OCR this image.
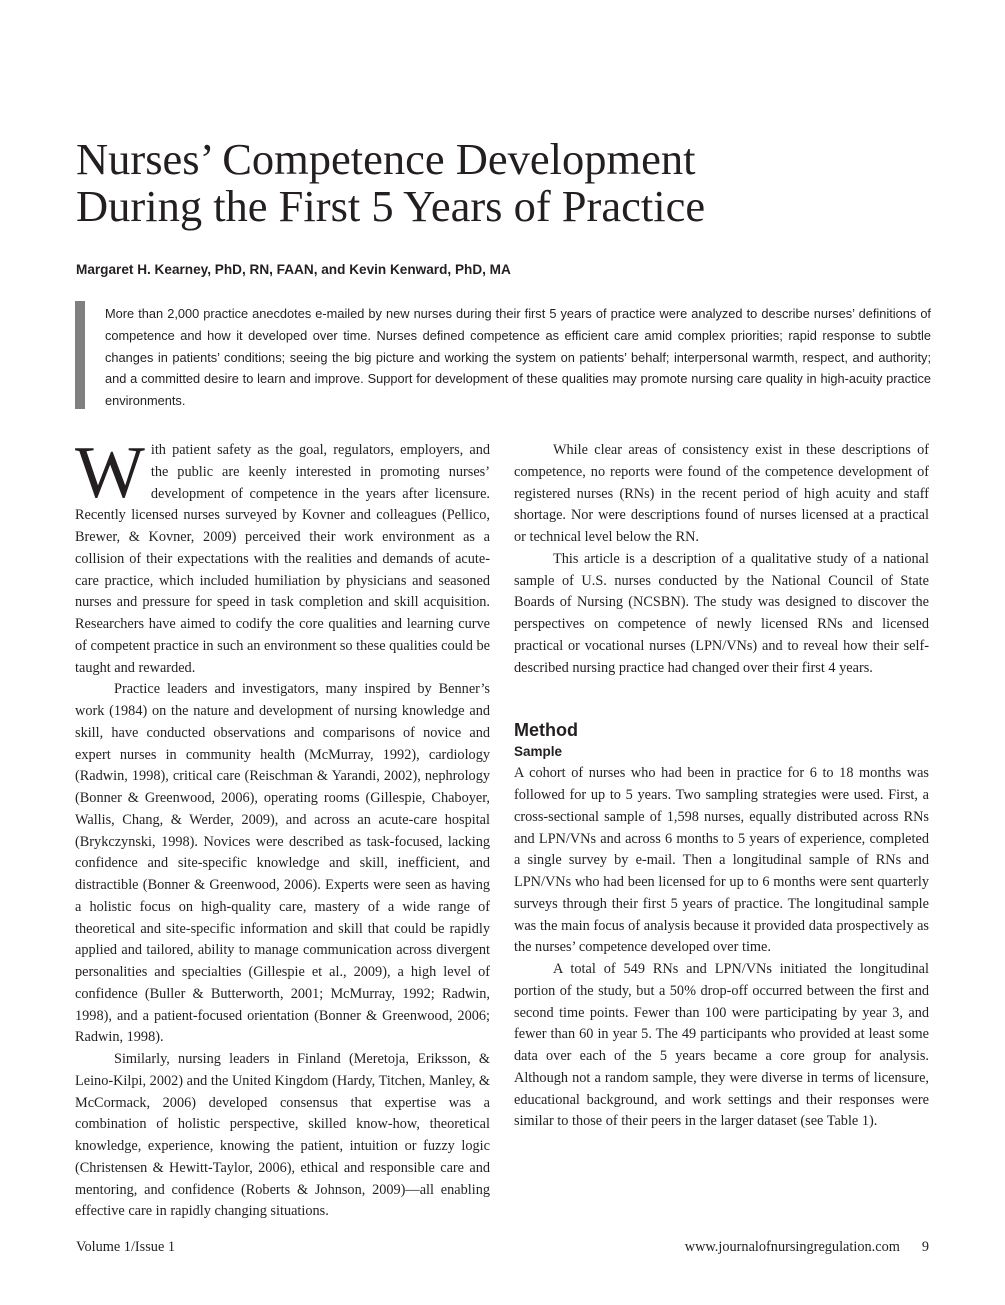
Nurses’ Competence Development
During the First 5 Years of Practice
Margaret H. Kearney, PhD, RN, FAAN, and Kevin Kenward, PhD, MA
More than 2,000 practice anecdotes e-mailed by new nurses during their first 5 years of practice were analyzed to describe nurses’ definitions of competence and how it developed over time. Nurses defined competence as efficient care amid complex priorities; rapid response to subtle changes in patients’ conditions; seeing the big picture and working the system on patients’ behalf; interpersonal warmth, respect, and authority; and a committed desire to learn and improve. Support for development of these qualities may promote nursing care quality in high-acuity practice environments.

With patient safety as the goal, regulators, employers, and the public are keenly interested in promoting nurses’ development of competence in the years after licensure. Recently licensed nurses surveyed by Kovner and colleagues (Pellico, Brewer, & Kovner, 2009) perceived their work environment as a collision of their expectations with the realities and demands of acute-care practice, which included humiliation by physicians and seasoned nurses and pressure for speed in task completion and skill acquisition. Researchers have aimed to codify the core qualities and learning curve of competent practice in such an environment so these qualities could be taught and rewarded.

Practice leaders and investigators, many inspired by Benner’s work (1984) on the nature and development of nursing knowledge and skill, have conducted observations and comparisons of novice and expert nurses in community health (McMurray, 1992), cardiology (Radwin, 1998), critical care (Reischman & Yarandi, 2002), nephrology (Bonner & Greenwood, 2006), operating rooms (Gillespie, Chaboyer, Wallis, Chang, & Werder, 2009), and across an acute-care hospital (Brykczynski, 1998). Novices were described as task-focused, lacking confidence and site-specific knowledge and skill, inefficient, and distractible (Bonner & Greenwood, 2006). Experts were seen as having a holistic focus on high-quality care, mastery of a wide range of theoretical and site-specific information and skill that could be rapidly applied and tailored, ability to manage communication across divergent personalities and specialties (Gillespie et al., 2009), a high level of confidence (Buller & Butterworth, 2001; McMurray, 1992; Radwin, 1998), and a patient-focused orientation (Bonner & Greenwood, 2006; Radwin, 1998).

Similarly, nursing leaders in Finland (Meretoja, Eriksson, & Leino-Kilpi, 2002) and the United Kingdom (Hardy, Titchen, Manley, & McCormack, 2006) developed consensus that expertise was a combination of holistic perspective, skilled know-how, theoretical knowledge, experience, knowing the patient, intuition or fuzzy logic (Christensen & Hewitt-Taylor, 2006), ethical and responsible care and mentoring, and confidence (Roberts & Johnson, 2009)—all enabling effective care in rapidly changing situations.

While clear areas of consistency exist in these descriptions of competence, no reports were found of the competence development of registered nurses (RNs) in the recent period of high acuity and staff shortage. Nor were descriptions found of nurses licensed at a practical or technical level below the RN.

This article is a description of a qualitative study of a national sample of U.S. nurses conducted by the National Council of State Boards of Nursing (NCSBN). The study was designed to discover the perspectives on competence of newly licensed RNs and licensed practical or vocational nurses (LPN/VNs) and to reveal how their self-described nursing practice had changed over their first 4 years.

Method
Sample

A cohort of nurses who had been in practice for 6 to 18 months was followed for up to 5 years. Two sampling strategies were used. First, a cross-sectional sample of 1,598 nurses, equally distributed across RNs and LPN/VNs and across 6 months to 5 years of experience, completed a single survey by e-mail. Then a longitudinal sample of RNs and LPN/VNs who had been licensed for up to 6 months were sent quarterly surveys through their first 5 years of practice. The longitudinal sample was the main focus of analysis because it provided data prospectively as the nurses’ competence developed over time.

A total of 549 RNs and LPN/VNs initiated the longitudinal portion of the study, but a 50% drop-off occurred between the first and second time points. Fewer than 100 were participating by year 3, and fewer than 60 in year 5. The 49 participants who provided at least some data over each of the 5 years became a core group for analysis. Although not a random sample, they were diverse in terms of licensure, educational background, and work settings and their responses were similar to those of their peers in the larger dataset (see Table 1).

Volume 1/Issue 1	www.journalofnursingregulation.com 9
